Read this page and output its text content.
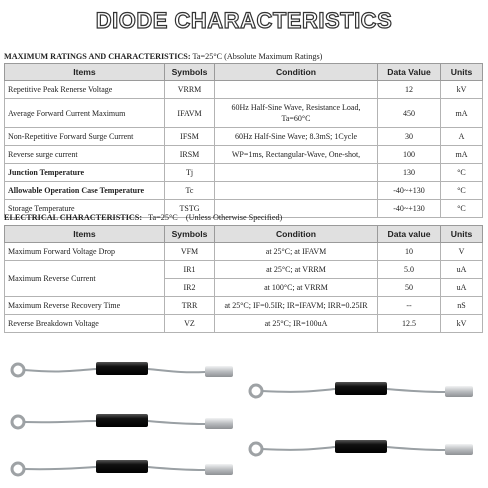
DIODE CHARACTERISTICS
MAXIMUM RATINGS AND CHARACTERISTICS: Ta=25°C (Absolute Maximum Ratings)
Items	Symbols	Condition	Data Value	Units
Repetitive Peak Renerse Voltage	VRRM		12	kV
Average Forward Current Maximum	IFAVM	60Hz Half-Sine Wave, Resistance Load, Ta=60°C	450	mA
Non-Repetitive Forward Surge Current	IFSM	60Hz Half-Sine Wave; 8.3mS; 1Cycle	30	A
Reverse surge current	IRSM	WP=1ms, Rectangular-Wave, One-shot,	100	mA
Junction Temperature	Tj		130	°C
Allowable Operation Case Temperature	Tc		-40~+130	°C
Storage Temperature	TSTG		-40~+130	°C
ELECTRICAL CHARACTERISTICS:   Ta=25°C    (Unless Otherwise Specified)
Items	Symbols	Condition	Data value	Units
Maximum Forward Voltage Drop	VFM	at 25°C; at IFAVM	10	V
Maximum Reverse Current	IR1	at 25°C; at VRRM	5.0	uA
	IR2	at 100°C; at VRRM	50	uA
Maximum Reverse Recovery Time	TRR	at 25°C; IF=0.5IR; IR=IFAVM; IRR=0.25IR	--	nS
Reverse Breakdown Voltage	VZ	at 25°C; IR=100uA	12.5	kV
